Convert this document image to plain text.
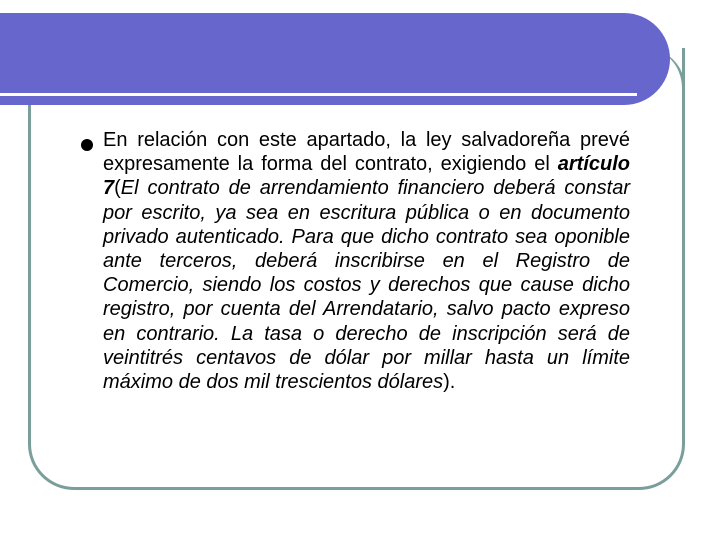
En relación con este apartado, la ley salvadoreña prevé expresamente la forma del contrato, exigiendo el artículo 7(El contrato de arrendamiento financiero deberá constar por escrito, ya sea en escritura pública o en documento privado autenticado. Para que dicho contrato sea oponible ante terceros, deberá inscribirse en el Registro de Comercio, siendo los costos y derechos que cause dicho registro, por cuenta del Arrendatario, salvo pacto expreso en contrario. La tasa o derecho de inscripción será de veintitrés centavos de dólar por millar hasta un límite máximo de dos mil trescientos dólares).
